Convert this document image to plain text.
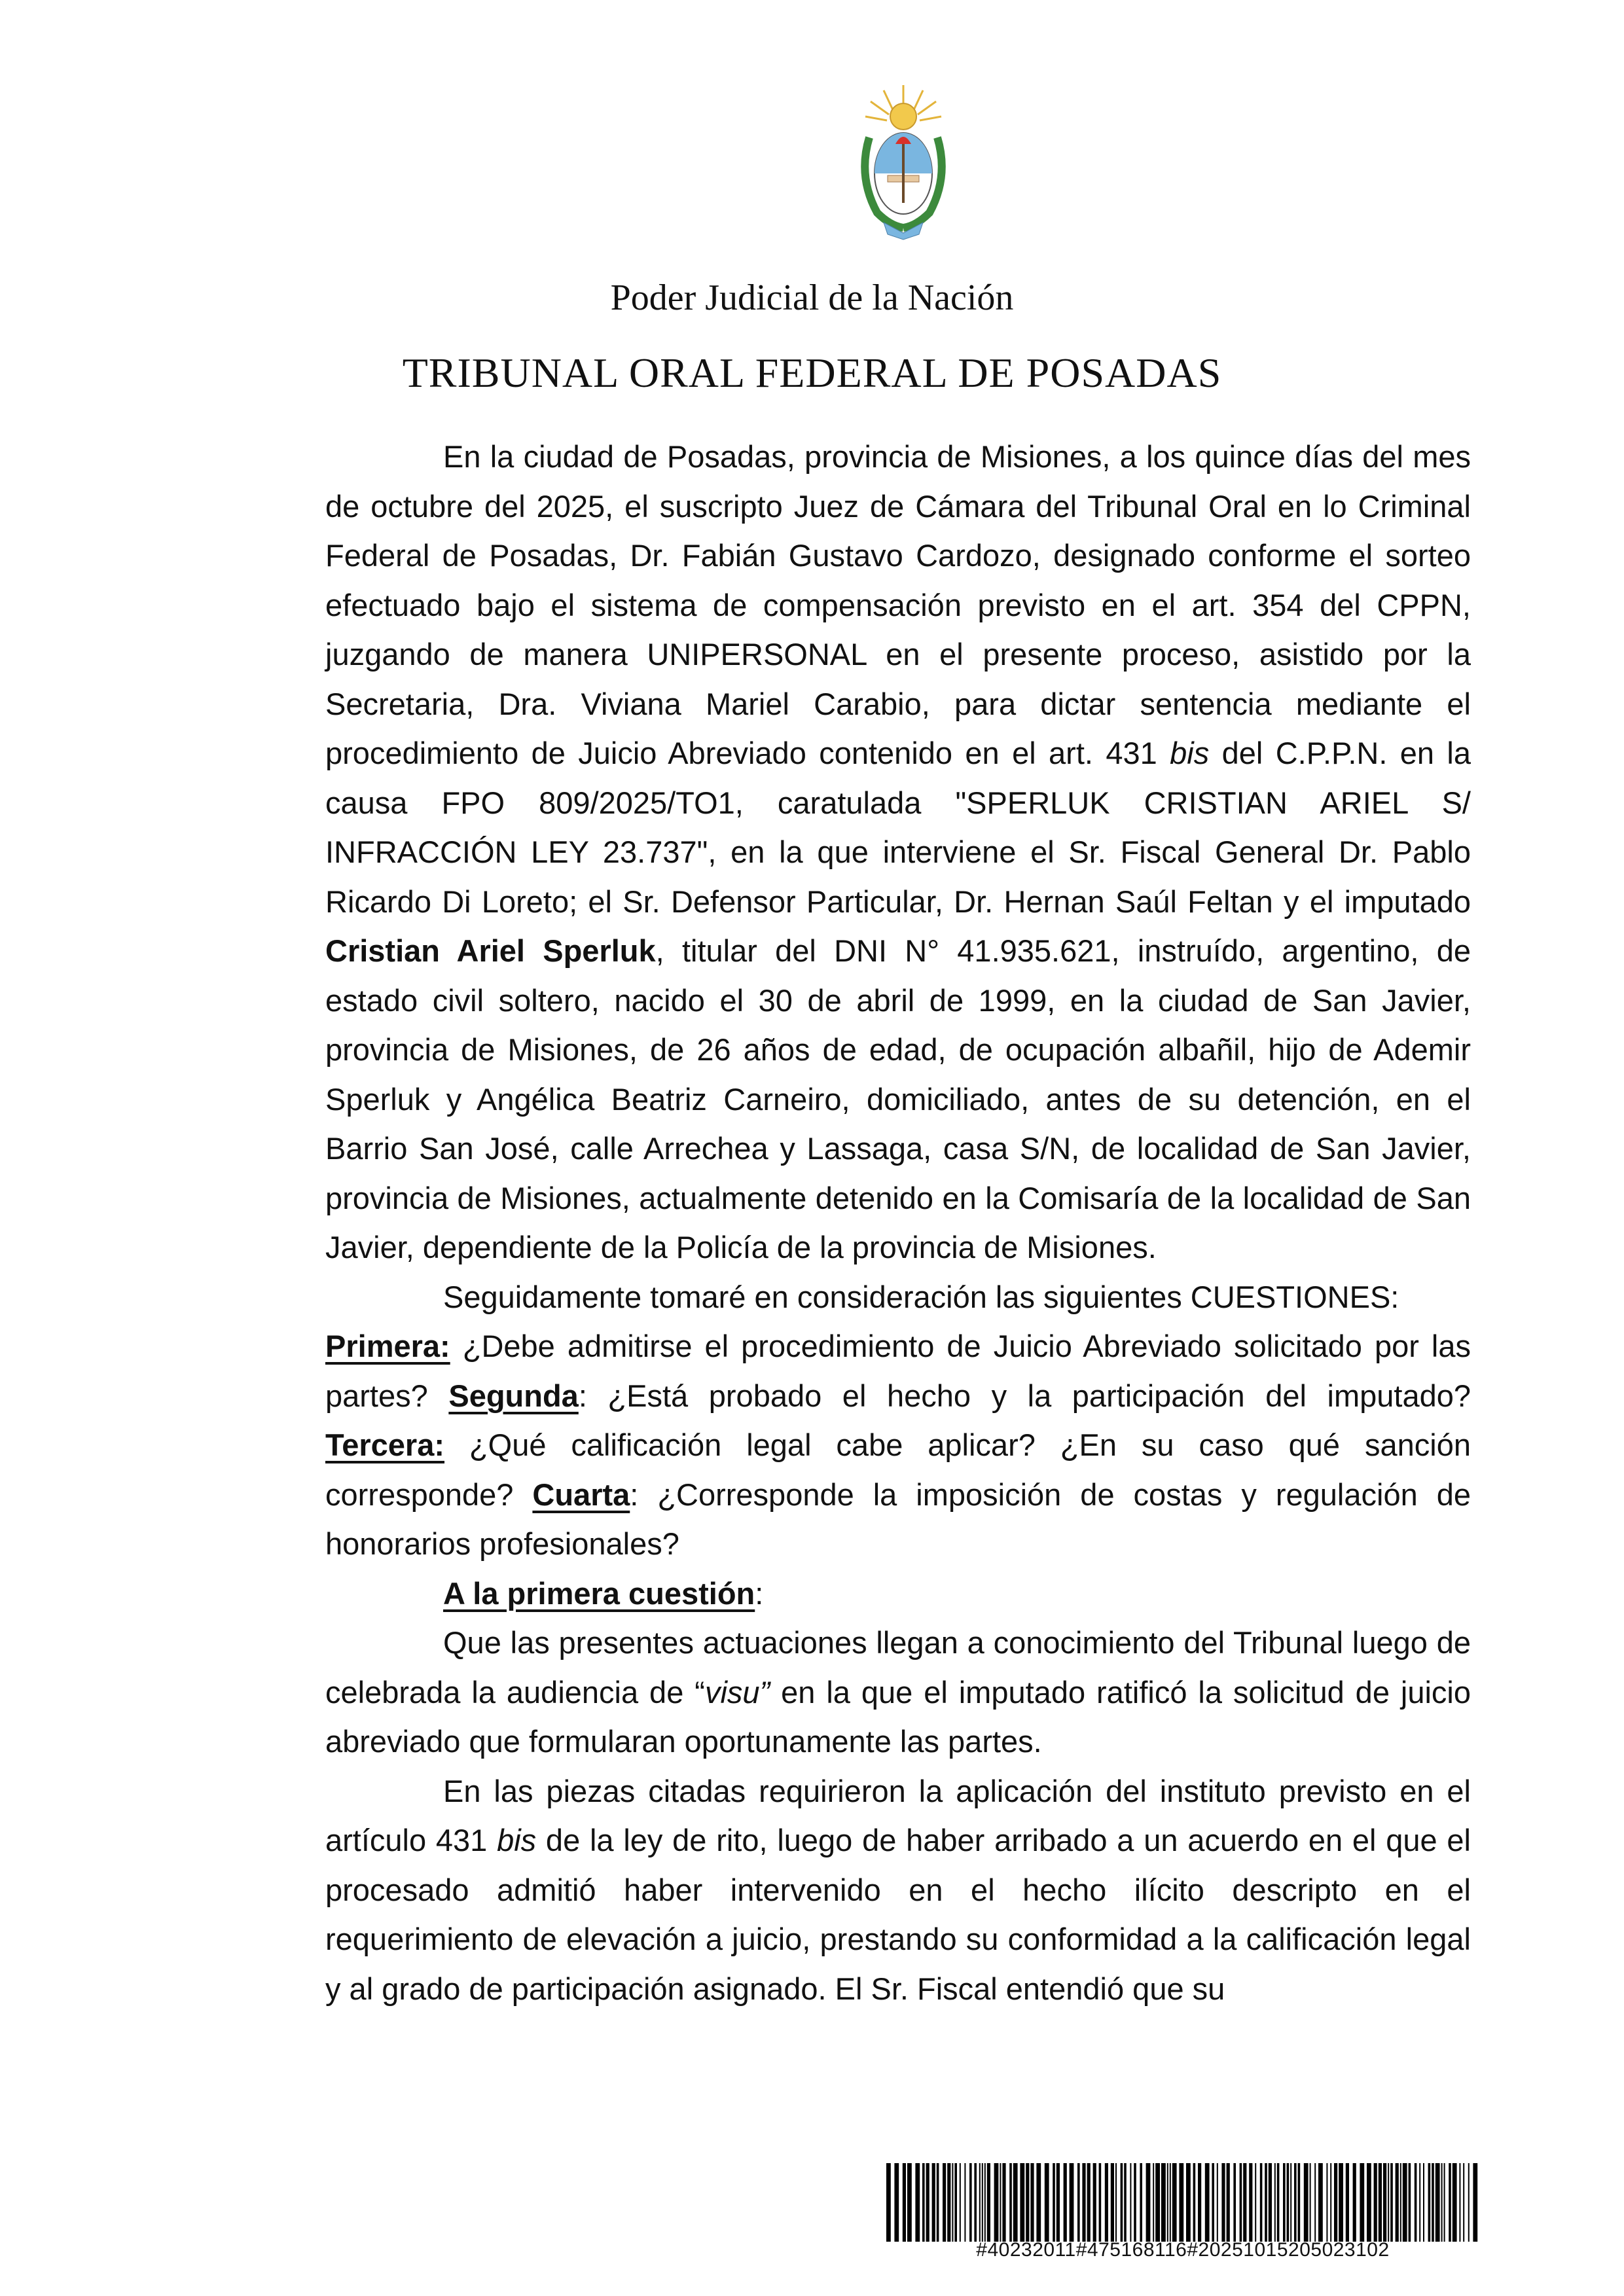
Poder Judicial de la Nación
TRIBUNAL ORAL FEDERAL DE POSADAS

En la ciudad de Posadas, provincia de Misiones, a los quince días del mes de octubre del 2025, el suscripto Juez de Cámara del Tribunal Oral en lo Criminal Federal de Posadas, Dr. Fabián Gustavo Cardozo, designado conforme el sorteo efectuado bajo el sistema de compensación previsto en el art. 354 del CPPN, juzgando de manera UNIPERSONAL en el presente proceso, asistido por la Secretaria, Dra. Viviana Mariel Carabio, para dictar sentencia mediante el procedimiento de Juicio Abreviado contenido en el art. 431 bis del C.P.P.N. en la causa FPO 809/2025/TO1, caratulada "SPERLUK CRISTIAN ARIEL S/ INFRACCIÓN LEY 23.737", en la que interviene el Sr. Fiscal General Dr. Pablo Ricardo Di Loreto; el Sr. Defensor Particular, Dr. Hernan Saúl Feltan y el imputado Cristian Ariel Sperluk, titular del DNI N° 41.935.621, instruído, argentino, de estado civil soltero, nacido el 30 de abril de 1999, en la ciudad de San Javier, provincia de Misiones, de 26 años de edad, de ocupación albañil, hijo de Ademir Sperluk y Angélica Beatriz Carneiro, domiciliado, antes de su detención, en el Barrio San José, calle Arrechea y Lassaga, casa S/N, de localidad de San Javier, provincia de Misiones, actualmente detenido en la Comisaría de la localidad de San Javier, dependiente de la Policía de la provincia de Misiones.

Seguidamente tomaré en consideración las siguientes CUESTIONES:

Primera: ¿Debe admitirse el procedimiento de Juicio Abreviado solicitado por las partes? Segunda: ¿Está probado el hecho y la participación del imputado? Tercera: ¿Qué calificación legal cabe aplicar? ¿En su caso qué sanción corresponde? Cuarta: ¿Corresponde la imposición de costas y regulación de honorarios profesionales?

A la primera cuestión:

Que las presentes actuaciones llegan a conocimiento del Tribunal luego de celebrada la audiencia de “visu” en la que el imputado ratificó la solicitud de juicio abreviado que formularan oportunamente las partes.

En las piezas citadas requirieron la aplicación del instituto previsto en el artículo 431 bis de la ley de rito, luego de haber arribado a un acuerdo en el que el procesado admitió haber intervenido en el hecho ilícito descripto en el requerimiento de elevación a juicio, prestando su conformidad a la calificación legal y al grado de participación asignado. El Sr. Fiscal entendió que su

#40232011#475168116#20251015205023102
